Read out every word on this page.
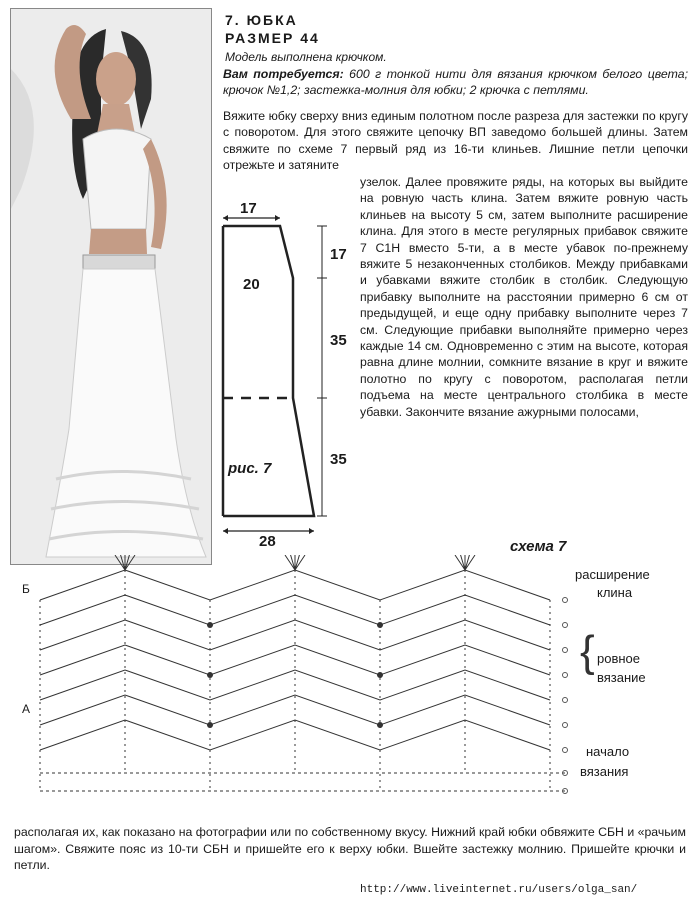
7. ЮБКА
РАЗМЕР 44
Модель выполнена крючком.
Вам потребуется: 600 г тонкой нити для вязания крючком белого цвета; крючок №1,2; застежка-молния для юбки; 2 крючка с петлями.
Вяжите юбку сверху вниз единым полотном после разреза для застежки по кругу с поворотом. Для этого свяжите цепочку ВП заведомо большей длины. Затем свяжите по схеме 7 первый ряд из 16-ти клиньев. Лишние петли цепочки отрежьте и затяните
узелок. Далее провяжите ряды, на которых вы выйдите на ровную часть клина. Затем вяжите ровную часть клиньев на высоту 5 см, затем выполните расширение клина. Для этого в месте регулярных прибавок свяжите 7 С1Н вместо 5-ти, а в месте убавок по-прежнему вяжите 5 незаконченных столбиков. Между прибавками и убавками вяжите столбик в столбик. Следующую прибавку выполните на расстоянии примерно 6 см от предыдущей, и еще одну прибавку выполните через 7 см. Следующие прибавки выполняйте примерно через каждые 14 см. Одновременно с этим на высоте, которая равна длине молнии, сомкните вязание в круг и вяжите полотно по кругу с поворотом, располагая петли подъема на месте центрального столбика в месте убавки. Закончите вязание ажурными полосами,
17
20
17
35
35
рис. 7
28	схема 7
Б
А
расширение
клина
{ ровное
вязание
начало
вязания
располагая их, как показано на фотографии или по собственному вкусу. Нижний край юбки обвяжите СБН и «рачьим шагом». Свяжите пояс из 10-ти СБН и пришейте его к верху юбки. Вшейте застежку молнию. Пришейте крючки и петли.
http://www.liveinternet.ru/users/olga_san/
